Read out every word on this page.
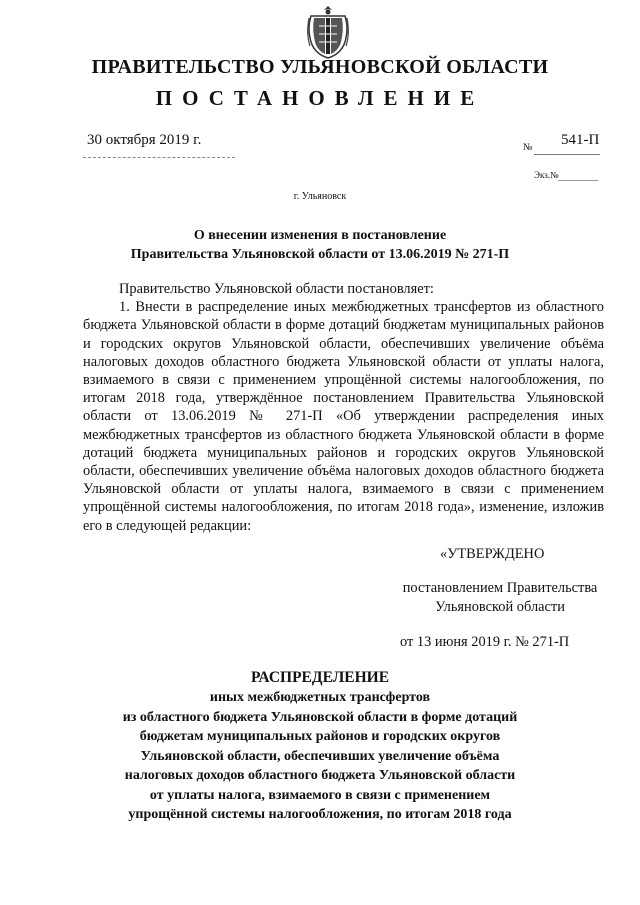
ПРАВИТЕЛЬСТВО УЛЬЯНОВСКОЙ ОБЛАСТИ
ПОСТАНОВЛЕНИЕ
30 октября 2019 г.	№ 541-П
Экз.№
г. Ульяновск
О внесении изменения в постановление
Правительства Ульяновской области от 13.06.2019 № 271-П

Правительство Ульяновской области постановляет:

1. Внести в распределение иных межбюджетных трансфертов из областного бюджета Ульяновской области в форме дотаций бюджетам муниципальных районов и городских округов Ульяновской области, обеспечивших увеличение объёма налоговых доходов областного бюджета Ульяновской области от уплаты налога, взимаемого в связи с применением упрощённой системы налогообложения, по итогам 2018 года, утверждённое постановлением Правительства Ульяновской области от 13.06.2019 № 271-П «Об утверждении распределения иных межбюджетных трансфертов из областного бюджета Ульяновской области в форме дотаций бюджета муниципальных районов и городских округов Ульяновской области, обеспечивших увеличение объёма налоговых доходов областного бюджета Ульяновской области от уплаты налога, взимаемого в связи с применением упрощённой системы налогообложения, по итогам 2018 года», изменение, изложив его в следующей редакции:

«УТВЕРЖДЕНО
постановлением Правительства
Ульяновской области
от 13 июня 2019 г. № 271-П
РАСПРЕДЕЛЕНИЕ
иных межбюджетных трансфертов
из областного бюджета Ульяновской области в форме дотаций
бюджетам муниципальных районов и городских округов
Ульяновской области, обеспечивших увеличение объёма
налоговых доходов областного бюджета Ульяновской области
от уплаты налога, взимаемого в связи с применением
упрощённой системы налогообложения, по итогам 2018 года
